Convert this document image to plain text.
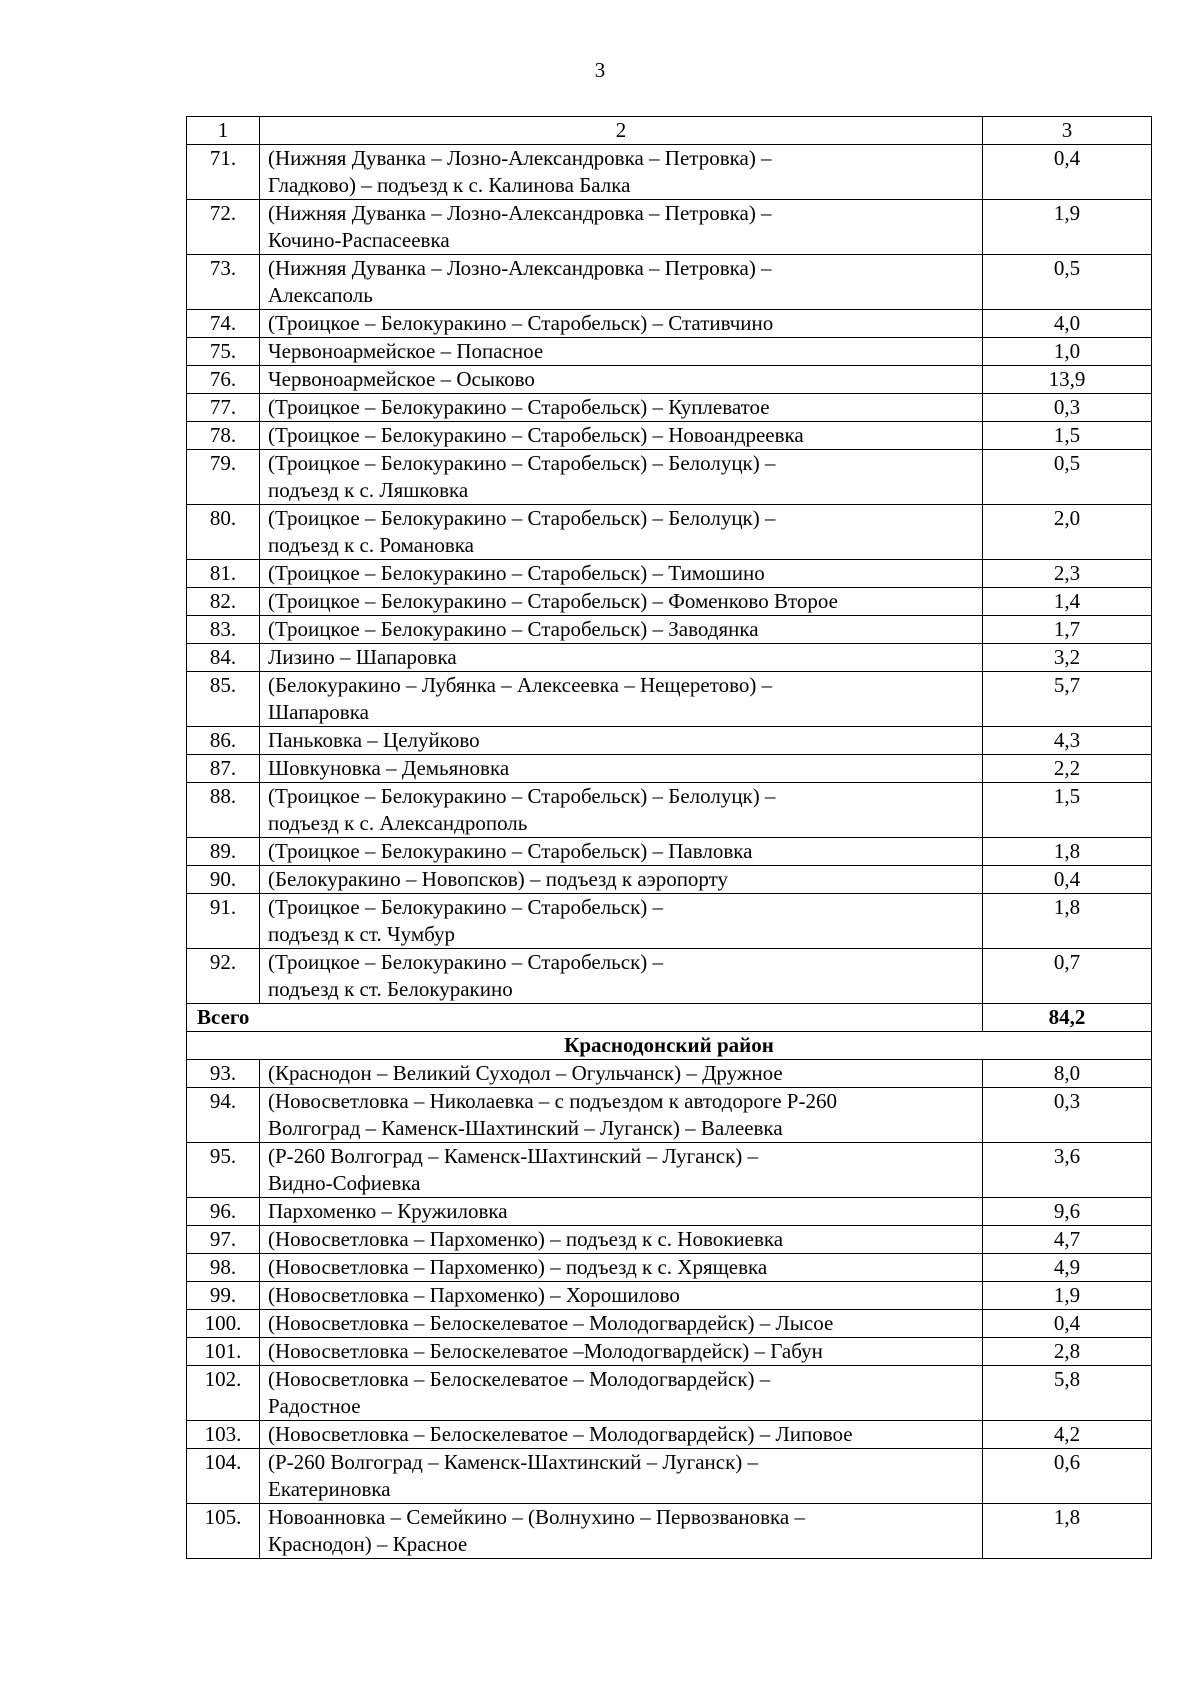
3
1	2	3
71.	(Нижняя Дуванка – Лозно-Александровка – Петровка) –
Гладково) – подъезд к с. Калинова Балка	0,4
72.	(Нижняя Дуванка – Лозно-Александровка – Петровка) –
Кочино-Распасеевка	1,9
73.	(Нижняя Дуванка – Лозно-Александровка – Петровка) –
Алексаполь	0,5
74.	(Троицкое – Белокуракино – Старобельск) – Стативчино	4,0
75.	Червоноармейское – Попасное	1,0
76.	Червоноармейское – Осыково	13,9
77.	(Троицкое – Белокуракино – Старобельск) – Куплеватое	0,3
78.	(Троицкое – Белокуракино – Старобельск) – Новоандреевка	1,5
79.	(Троицкое – Белокуракино – Старобельск) – Белолуцк) –
подъезд к с. Ляшковка	0,5
80.	(Троицкое – Белокуракино – Старобельск) – Белолуцк) –
подъезд к с. Романовка	2,0
81.	(Троицкое – Белокуракино – Старобельск) – Тимошино	2,3
82.	(Троицкое – Белокуракино – Старобельск) – Фоменково Второе	1,4
83.	(Троицкое – Белокуракино – Старобельск) – Заводянка	1,7
84.	Лизино – Шапаровка	3,2
85.	(Белокуракино – Лубянка – Алексеевка – Нещеретово) –
Шапаровка	5,7
86.	Паньковка – Целуйково	4,3
87.	Шовкуновка – Демьяновка	2,2
88.	(Троицкое – Белокуракино – Старобельск) – Белолуцк) –
подъезд к с. Александрополь	1,5
89.	(Троицкое – Белокуракино – Старобельск) – Павловка	1,8
90.	(Белокуракино – Новопсков) – подъезд к аэропорту	0,4
91.	(Троицкое – Белокуракино – Старобельск) –
подъезд к ст. Чумбур	1,8
92.	(Троицкое – Белокуракино – Старобельск) –
подъезд к ст. Белокуракино	0,7
Всего		84,2
Краснодонский район		
93.	(Краснодон – Великий Суходол – Огульчанск) – Дружное	8,0
94.	(Новосветловка – Николаевка – с подъездом к автодороге Р-260
Волгоград – Каменск-Шахтинский – Луганск) – Валеевка	0,3
95.	(Р-260 Волгоград – Каменск-Шахтинский – Луганск) –
Видно-Софиевка	3,6
96.	Пархоменко – Кружиловка	9,6
97.	(Новосветловка – Пархоменко) – подъезд к с. Новокиевка	4,7
98.	(Новосветловка – Пархоменко) – подъезд к с. Хрящевка	4,9
99.	(Новосветловка – Пархоменко) – Хорошилово	1,9
100.	(Новосветловка – Белоскелеватое – Молодогвардейск) – Лысое	0,4
101.	(Новосветловка – Белоскелеватое –Молодогвардейск) – Габун	2,8
102.	(Новосветловка – Белоскелеватое – Молодогвардейск) –
Радостное	5,8
103.	(Новосветловка – Белоскелеватое – Молодогвардейск) – Липовое	4,2
104.	(Р-260 Волгоград – Каменск-Шахтинский – Луганск) –
Екатериновка	0,6
105.	Новоанновка – Семейкино – (Волнухино – Первозвановка –
Краснодон) – Красное	1,8
